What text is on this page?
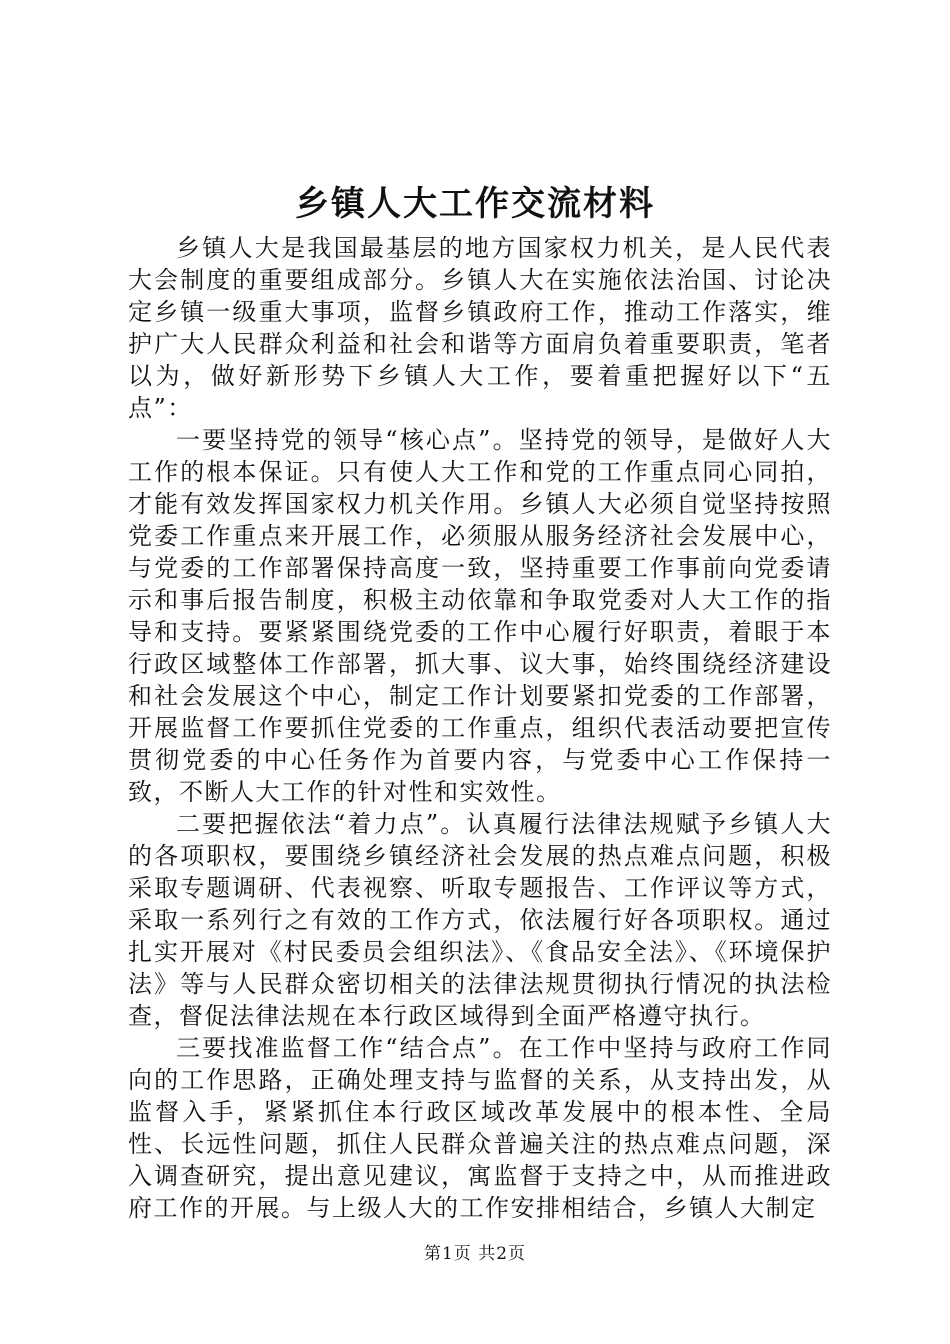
乡镇人大工作交流材料

乡镇人大是我国最基层的地方国家权力机关，是人民代表大会制度的重要组成部分。乡镇人大在实施依法治国、讨论决定乡镇一级重大事项，监督乡镇政府工作，推动工作落实，维护广大人民群众利益和社会和谐等方面肩负着重要职责，笔者以为，做好新形势下乡镇人大工作，要着重把握好以下“五点”：

一要坚持党的领导“核心点”。坚持党的领导，是做好人大工作的根本保证。只有使人大工作和党的工作重点同心同拍，才能有效发挥国家权力机关作用。乡镇人大必须自觉坚持按照党委工作重点来开展工作，必须服从服务经济社会发展中心，与党委的工作部署保持高度一致，坚持重要工作事前向党委请示和事后报告制度，积极主动依靠和争取党委对人大工作的指导和支持。要紧紧围绕党委的工作中心履行好职责，着眼于本行政区域整体工作部署，抓大事、议大事，始终围绕经济建设和社会发展这个中心，制定工作计划要紧扣党委的工作部署，开展监督工作要抓住党委的工作重点，组织代表活动要把宣传贯彻党委的中心任务作为首要内容，与党委中心工作保持一致，不断人大工作的针对性和实效性。

二要把握依法“着力点”。认真履行法律法规赋予乡镇人大的各项职权，要围绕乡镇经济社会发展的热点难点问题，积极采取专题调研、代表视察、听取专题报告、工作评议等方式，采取一系列行之有效的工作方式，依法履行好各项职权。通过扎实开展对《村民委员会组织法》、《食品安全法》、《环境保护法》等与人民群众密切相关的法律法规贯彻执行情况的执法检查，督促法律法规在本行政区域得到全面严格遵守执行。

三要找准监督工作“结合点”。在工作中坚持与政府工作同向的工作思路，正确处理支持与监督的关系，从支持出发，从监督入手，紧紧抓住本行政区域改革发展中的根本性、全局性、长远性问题，抓住人民群众普遍关注的热点难点问题，深入调查研究，提出意见建议，寓监督于支持之中，从而推进政府工作的开展。与上级人大的工作安排相结合，乡镇人大制定

第1页 共2页
